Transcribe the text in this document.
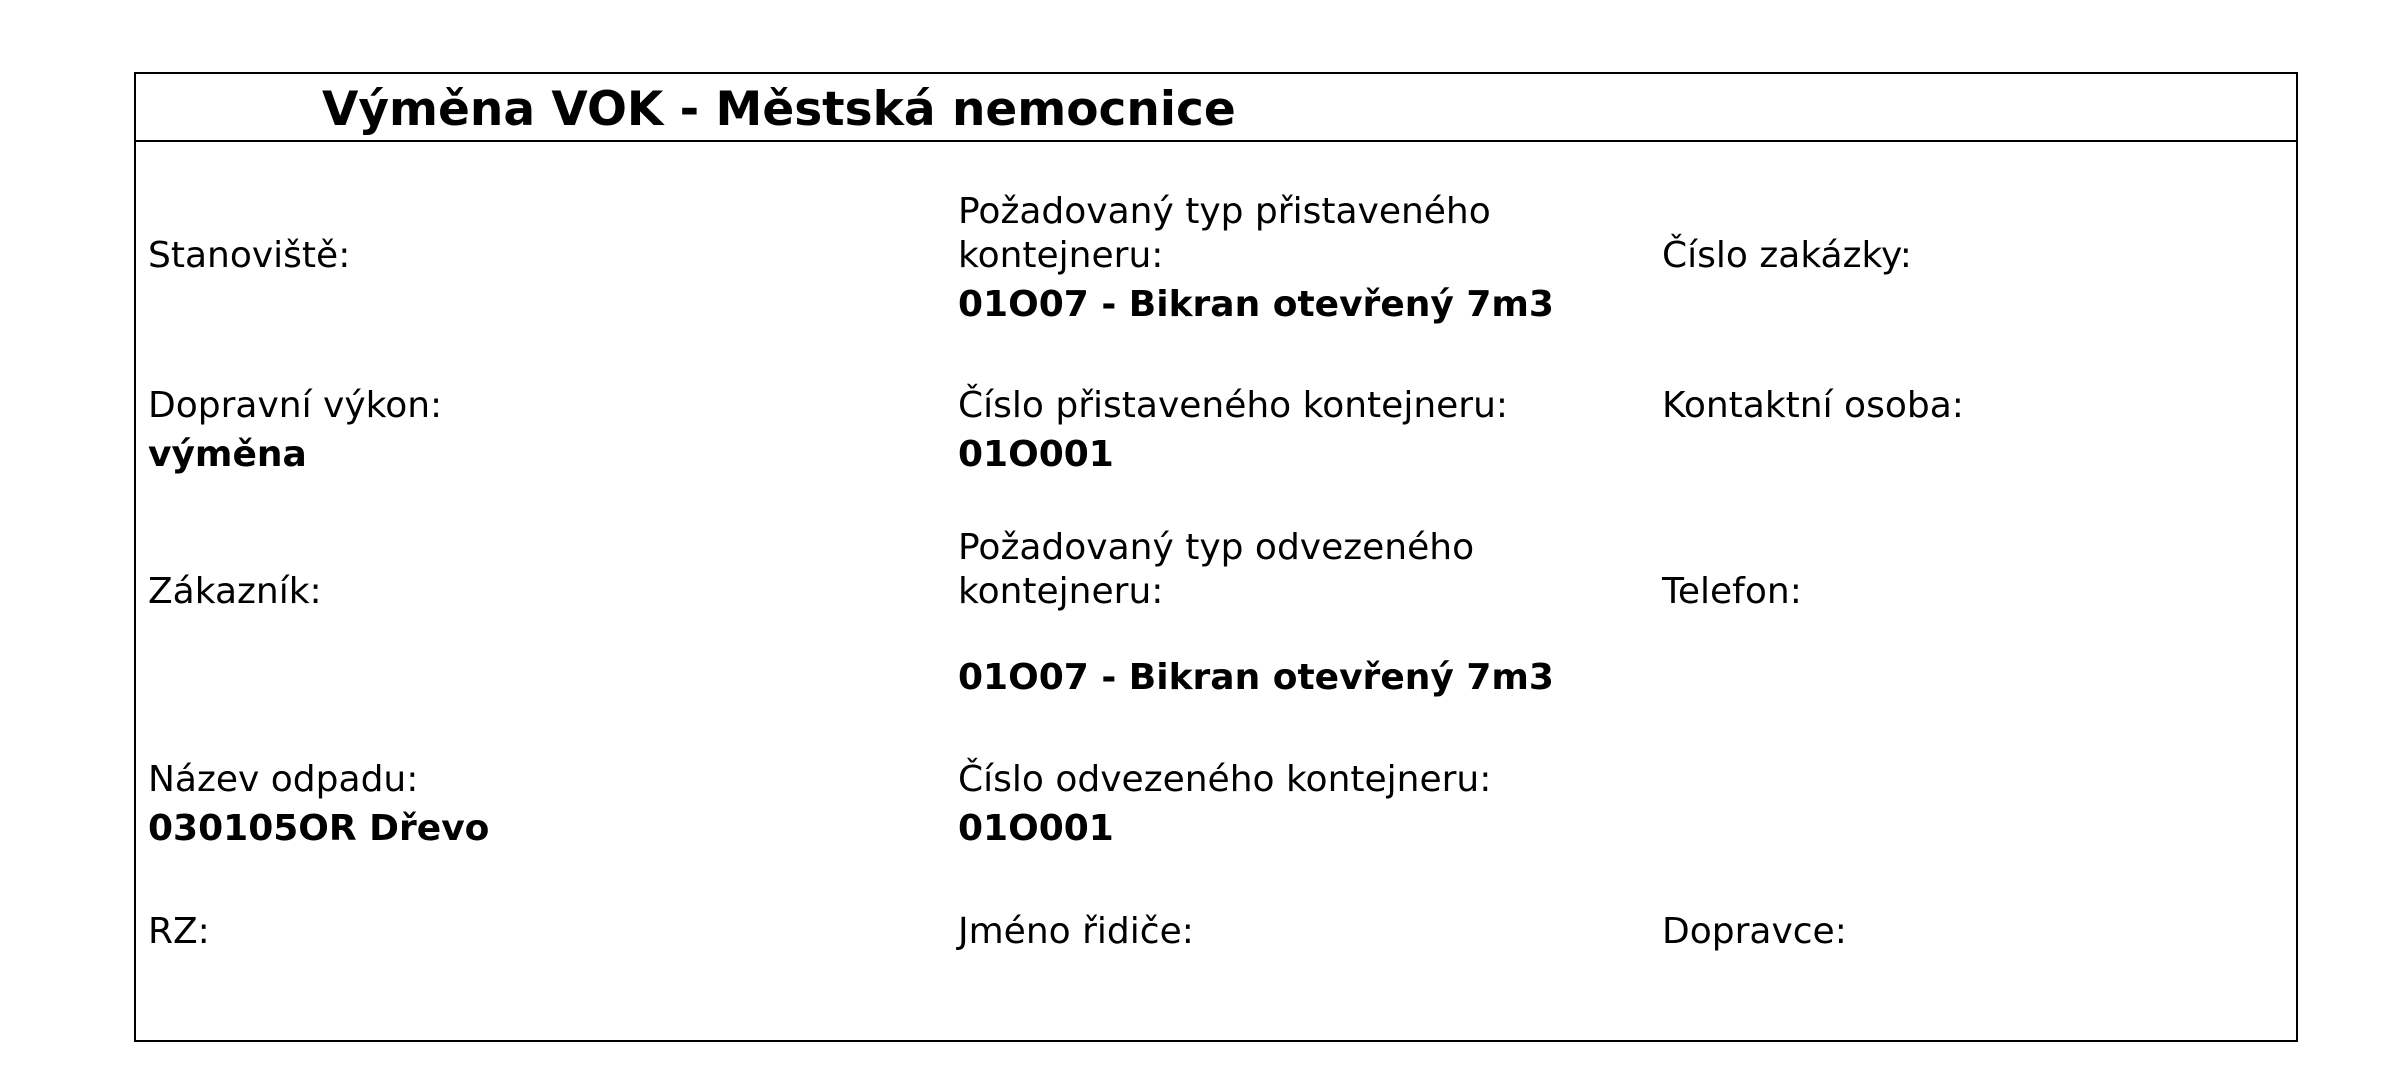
Výměna VOK - Městská nemocnice
Stanoviště:
Dopravní výkon:
výměna
Zákazník:
Název odpadu:
030105OR Dřevo
RZ:
Požadovaný typ přistaveného
kontejneru:
01O07 - Bikran otevřený 7m3
Číslo přistaveného kontejneru:
01O001
Požadovaný typ odvezeného
kontejneru:
01O07 - Bikran otevřený 7m3
Číslo odvezeného kontejneru:
01O001
Jméno řidiče:
Číslo zakázky:
Kontaktní osoba:
Telefon:
Dopravce:
